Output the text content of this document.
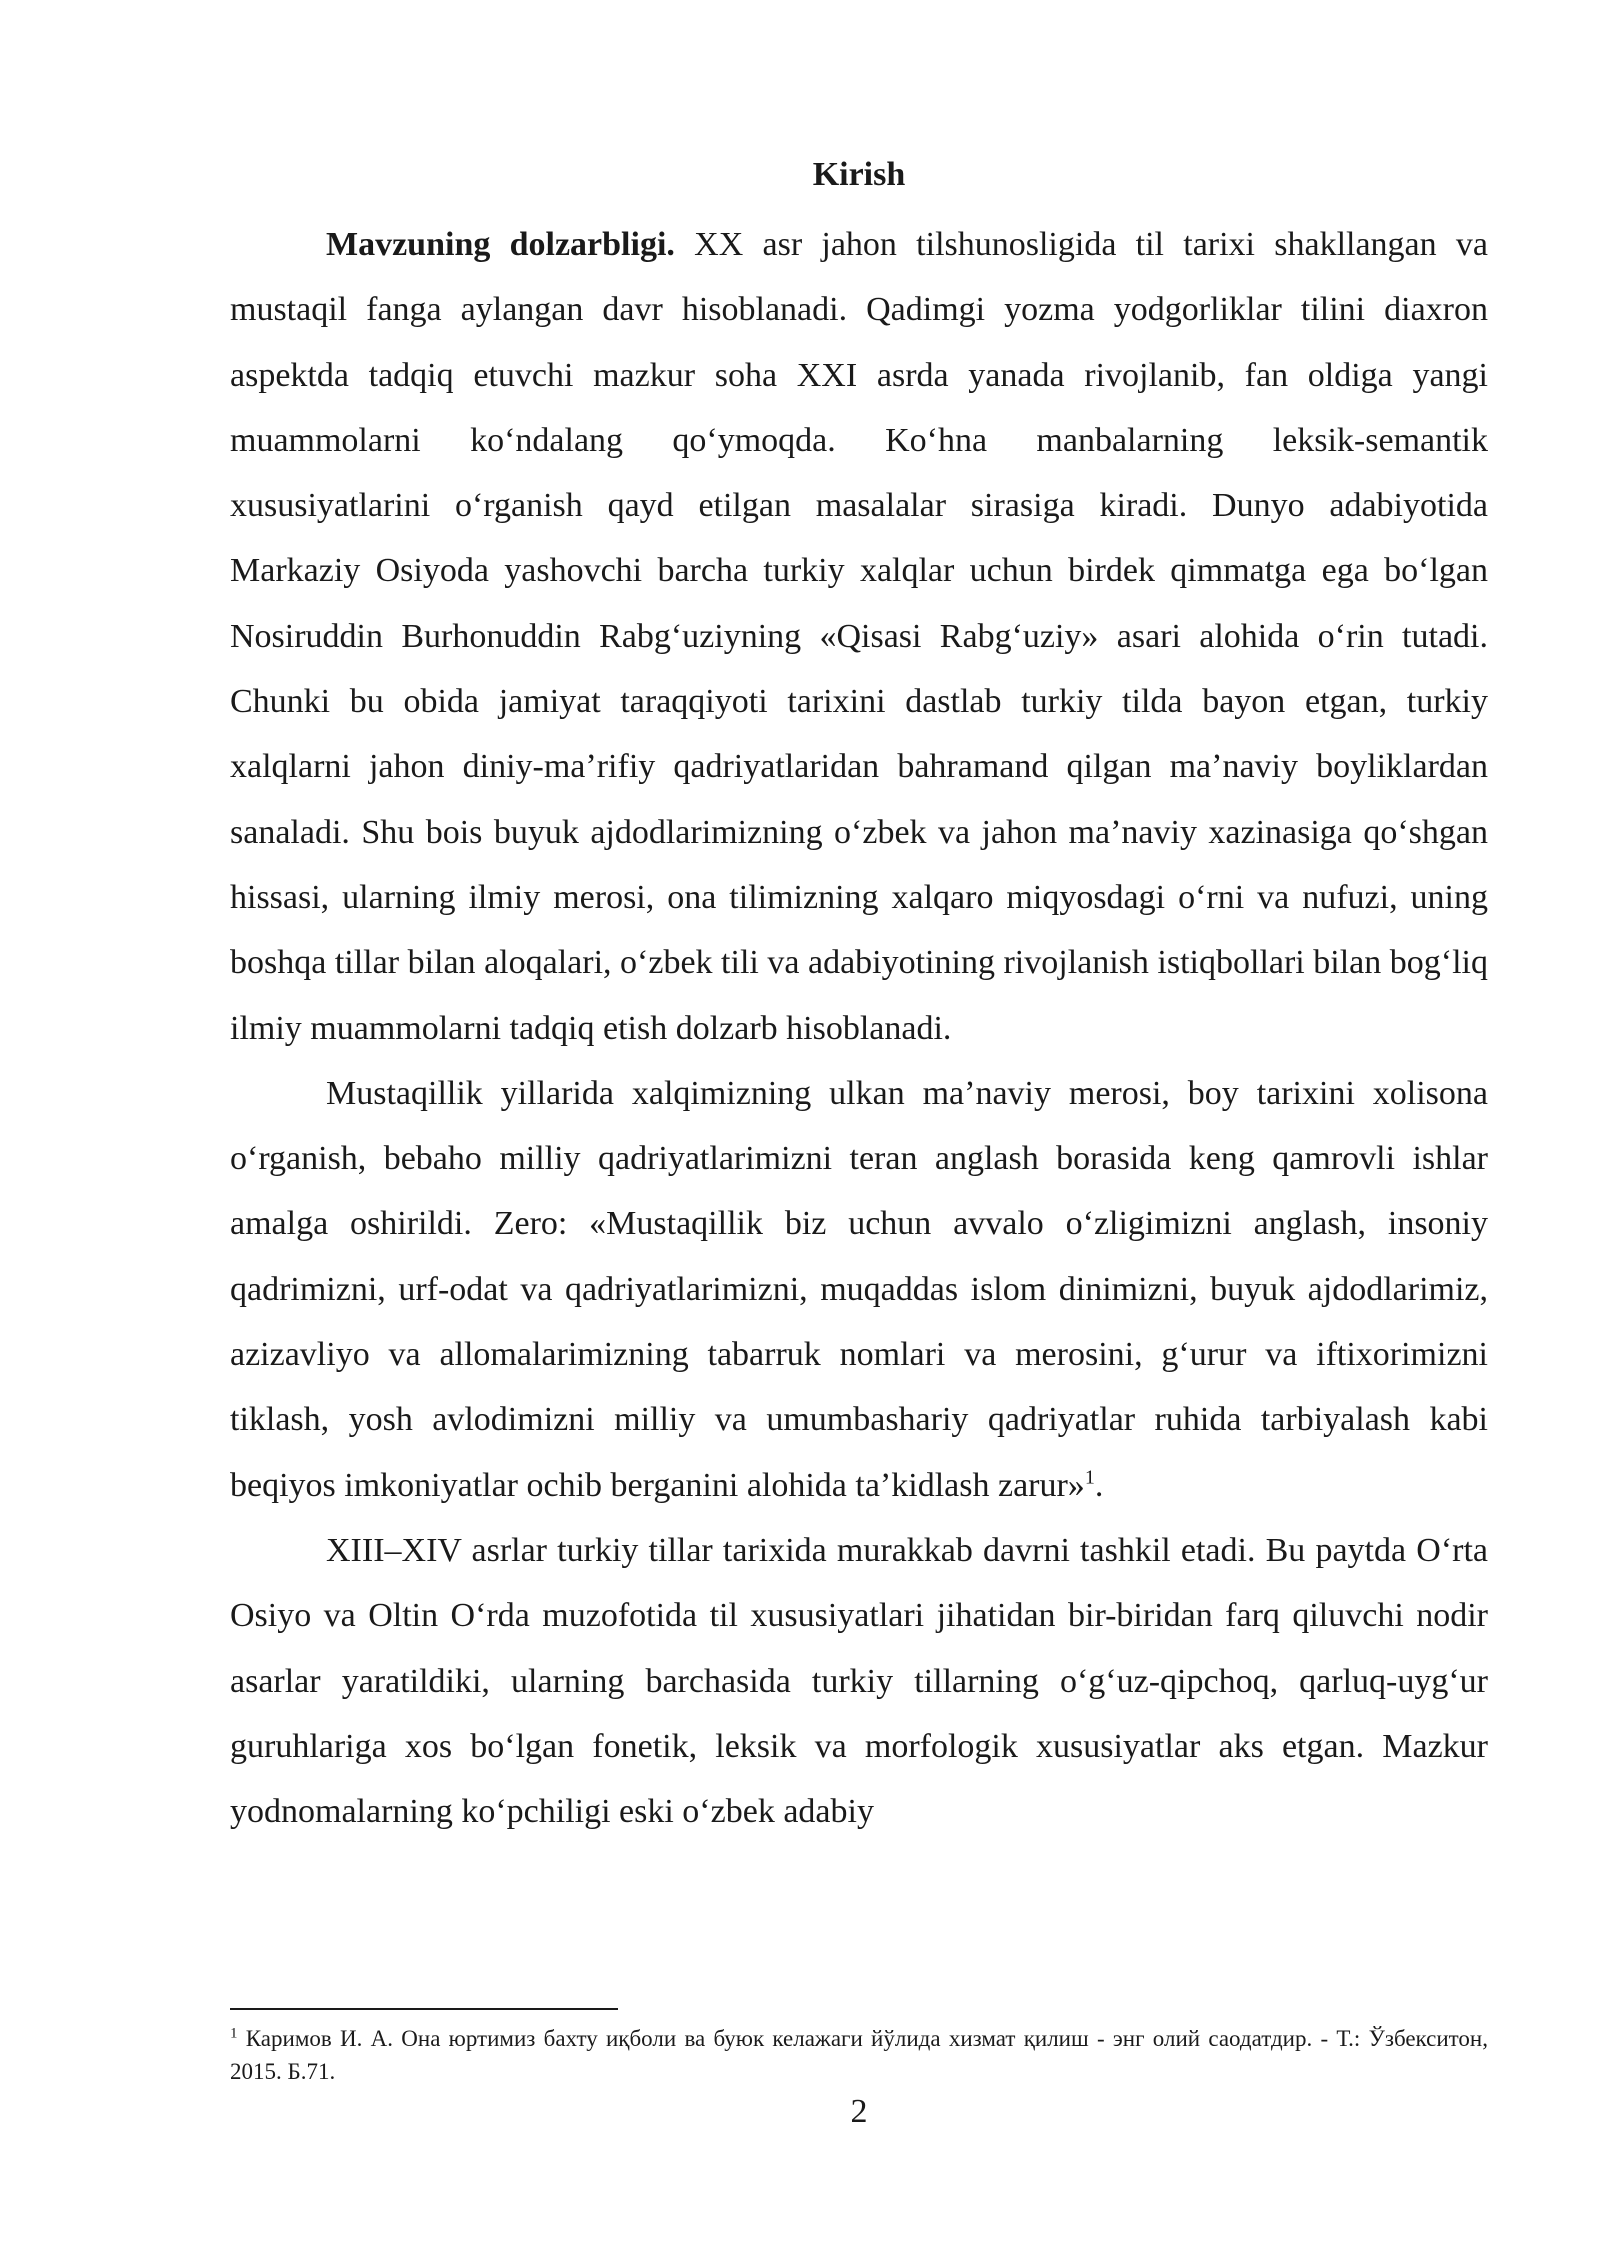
Kirish

Mavzuning dolzarbligi. XX asr jahon tilshunosligida til tarixi shakllangan va mustaqil fanga aylangan davr hisoblanadi. Qadimgi yozma yodgorliklar tilini diaxron aspektda tadqiq etuvchi mazkur soha XXI asrda yanada rivojlanib, fan oldiga yangi muammolarni koʻndalang qoʻymoqda. Koʻhna manbalarning leksik-semantik xususiyatlarini oʻrganish qayd etilgan masalalar sirasiga kiradi. Dunyo adabiyotida Markaziy Osiyoda yashovchi barcha turkiy xalqlar uchun birdek qimmatga ega boʻlgan Nosiruddin Burhonuddin Rabgʻuziyning «Qisasi Rabgʻuziy» asari alohida oʻrin tutadi. Chunki bu obida jamiyat taraqqiyoti tarixini dastlab turkiy tilda bayon etgan, turkiy xalqlarni jahon diniy-maʼrifiy qadriyatlaridan bahramand qilgan maʼnaviy boyliklardan sanaladi. Shu bois buyuk ajdodlarimizning oʻzbek va jahon maʼnaviy xazinasiga qoʻshgan hissasi, ularning ilmiy merosi, ona tilimizning xalqaro miqyosdagi oʻrni va nufuzi, uning boshqa tillar bilan aloqalari, oʻzbek tili va adabiyotining rivojlanish istiqbollari bilan bogʻliq ilmiy muammolarni tadqiq etish dolzarb hisoblanadi.

Mustaqillik yillarida xalqimizning ulkan maʼnaviy merosi, boy tarixini xolisona oʻrganish, bebaho milliy qadriyatlarimizni teran anglash borasida keng qamrovli ishlar amalga oshirildi. Zero: «Mustaqillik biz uchun avvalo oʻzligimizni anglash, insoniy qadrimizni, urf-odat va qadriyatlarimizni, muqaddas islom dinimizni, buyuk ajdodlarimiz, azizavliyo va allomalarimizning tabarruk nomlari va merosini, gʻurur va iftixorimizni tiklash, yosh avlodimizni milliy va umumbashariy qadriyatlar ruhida tarbiyalash kabi beqiyos imkoniyatlar ochib berganini alohida taʼkidlash zarur»$^1$.

XIII–XIV asrlar turkiy tillar tarixida murakkab davrni tashkil etadi. Bu paytda Oʻrta Osiyo va Oltin Oʻrda muzofotida til xususiyatlari jihatidan bir-biridan farq qiluvchi nodir asarlar yaratildiki, ularning barchasida turkiy tillarning oʻgʻuz-qipchoq, qarluq-uygʻur guruhlariga xos boʻlgan fonetik, leksik va morfologik xususiyatlar aks etgan. Mazkur yodnomalarning koʻpchiligi eski oʻzbek adabiy

$^1$ Каримов И. А. Она юртимиз бахту иқболи ва буюк келажаги йўлида хизмат қилиш - энг олий саодатдир. - Т.: Ўзбекситон, 2015. Б.71.

2
